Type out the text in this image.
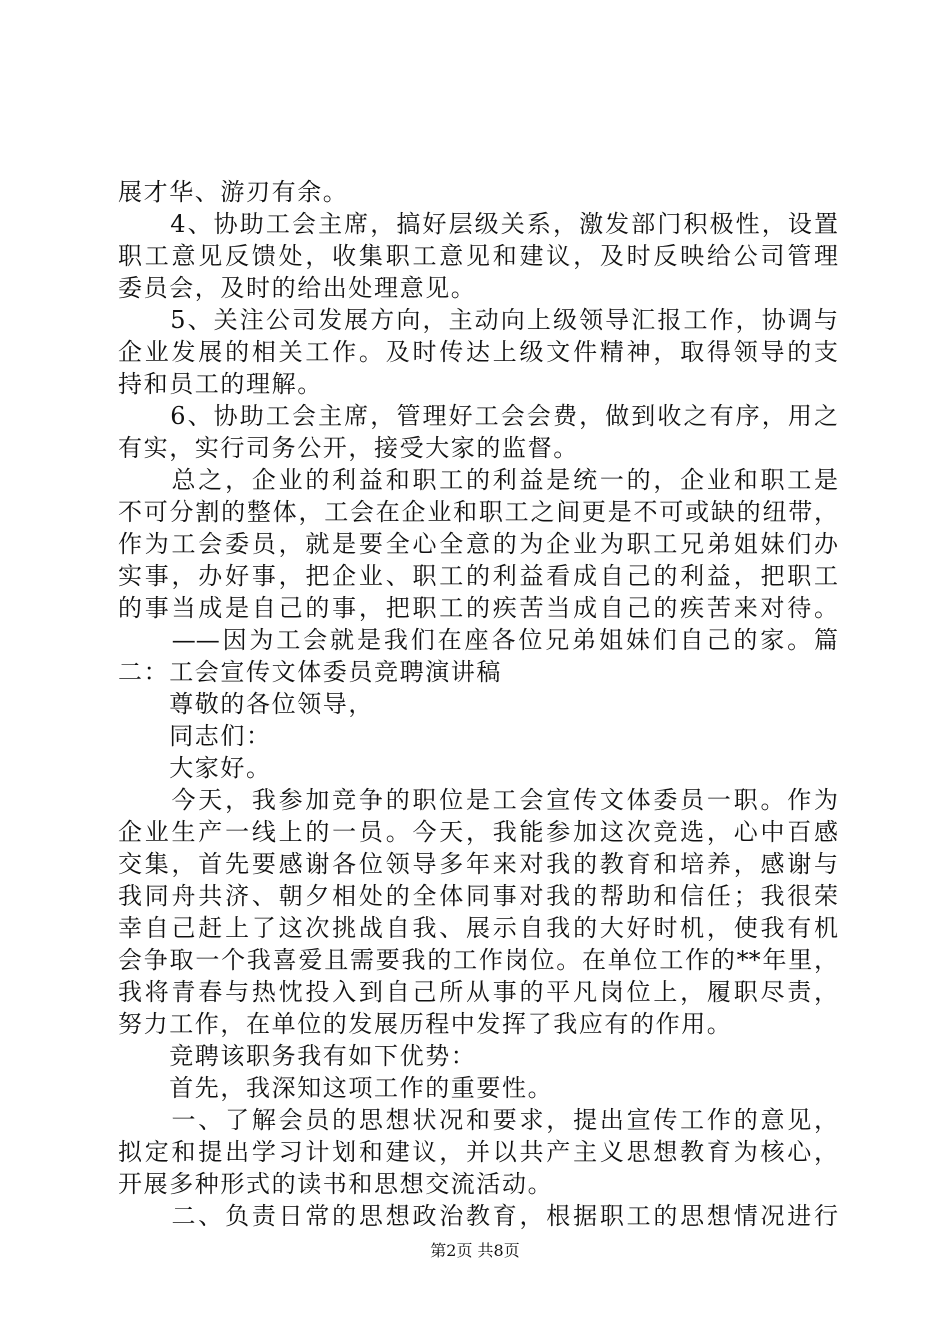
展才华、游刃有余。
　　4、协助工会主席，搞好层级关系，激发部门积极性，设置
职工意见反馈处，收集职工意见和建议，及时反映给公司管理
委员会，及时的给出处理意见。
　　5、关注公司发展方向，主动向上级领导汇报工作，协调与
企业发展的相关工作。及时传达上级文件精神，取得领导的支
持和员工的理解。
　　6、协助工会主席，管理好工会会费，做到收之有序，用之
有实，实行司务公开，接受大家的监督。
　　总之，企业的利益和职工的利益是统一的，企业和职工是
不可分割的整体，工会在企业和职工之间更是不可或缺的纽带，
作为工会委员，就是要全心全意的为企业为职工兄弟姐妹们办
实事，办好事，把企业、职工的利益看成自己的利益，把职工
的事当成是自己的事，把职工的疾苦当成自己的疾苦来对待。
　　——因为工会就是我们在座各位兄弟姐妹们自己的家。篇
二：工会宣传文体委员竞聘演讲稿
　　尊敬的各位领导，
　　同志们：
　　大家好。
　　今天，我参加竞争的职位是工会宣传文体委员一职。作为
企业生产一线上的一员。今天，我能参加这次竞选，心中百感
交集，首先要感谢各位领导多年来对我的教育和培养，感谢与
我同舟共济、朝夕相处的全体同事对我的帮助和信任；我很荣
幸自己赶上了这次挑战自我、展示自我的大好时机，使我有机
会争取一个我喜爱且需要我的工作岗位。在单位工作的**年里，
我将青春与热忱投入到自己所从事的平凡岗位上，履职尽责，
努力工作，在单位的发展历程中发挥了我应有的作用。
　　竞聘该职务我有如下优势：
　　首先，我深知这项工作的重要性。
　　一、了解会员的思想状况和要求，提出宣传工作的意见，
拟定和提出学习计划和建议，并以共产主义思想教育为核心，
开展多种形式的读书和思想交流活动。
　　二、负责日常的思想政治教育，根据职工的思想情况进行
第2页 共8页
